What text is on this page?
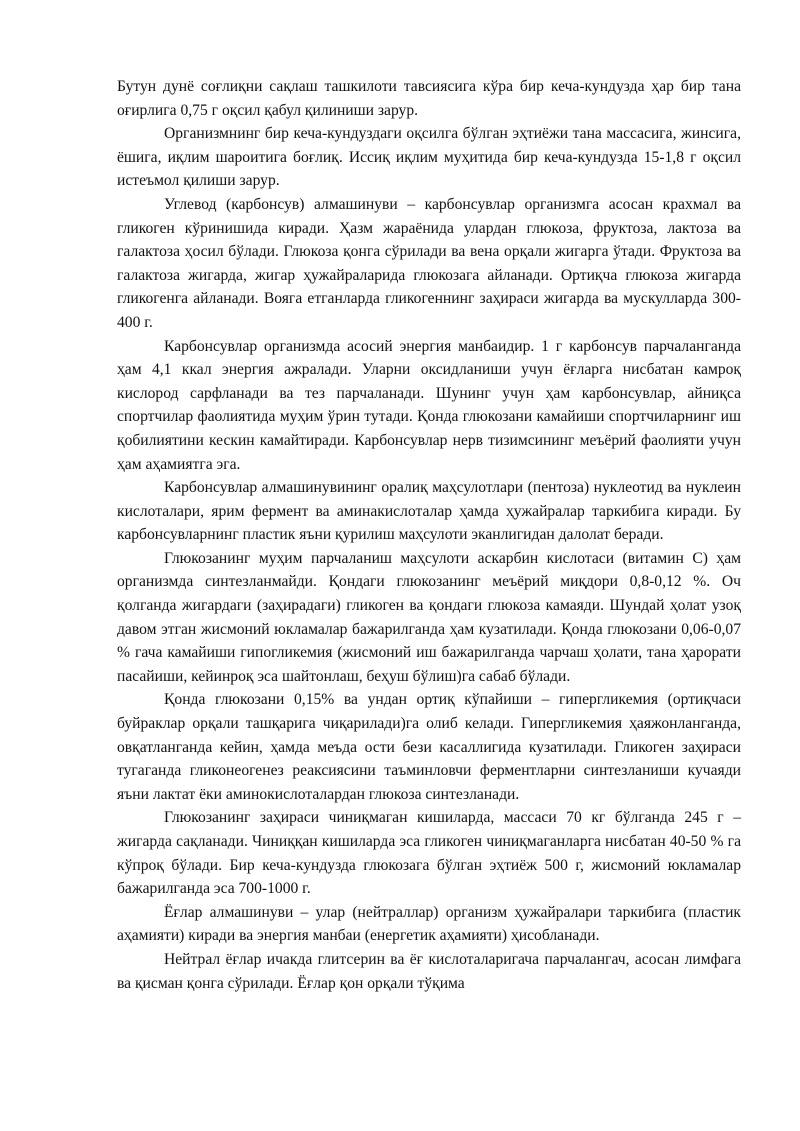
Бутун дунё соғлиқни сақлаш ташкилоти тавсиясига кўра бир кеча-кундузда ҳар бир тана оғирлига 0,75 г оқсил қабул қилиниши зарур.

Организмнинг бир кеча-кундуздаги оқсилга бўлган эҳтиёжи тана массасига, жинсига, ёшига, иқлим шароитига боғлиқ. Иссиқ иқлим муҳитида бир кеча-кундузда 15-1,8 г оқсил истеъмол қилиши зарур.

Углевод (карбонсув) алмашинуви – карбонсувлар организмга асосан крахмал ва гликоген кўринишида киради. Ҳазм жараёнида улардан глюкоза, фруктоза, лактоза ва галактоза ҳосил бўлади. Глюкоза қонга сўрилади ва вена орқали жигарга ўтади. Фруктоза ва галактоза жигарда, жигар ҳужайраларида глюкозага айланади. Ортиқча глюкоза жигарда гликогенга айланади. Вояга етганларда гликогеннинг заҳираси жигарда ва мускулларда 300-400 г.

Карбонсувлар организмда асосий энергия манбаидир. 1 г карбонсув парчаланганда ҳам 4,1 ккал энергия ажралади. Уларни оксидланиши учун ёғларга нисбатан камроқ кислород сарфланади ва тез парчаланади. Шунинг учун ҳам карбонсувлар, айниқса спортчилар фаолиятида муҳим ўрин тутади. Қонда глюкозани камайиши спортчиларнинг иш қобилиятини кескин камайтиради. Карбонсувлар нерв тизимсининг меъёрий фаолияти учун ҳам аҳамиятга эга.

Карбонсувлар алмашинувининг оралиқ маҳсулотлари (пентоза) нуклеотид ва нуклеин кислоталари, ярим фермент ва аминакислоталар ҳамда ҳужайралар таркибига киради. Бу карбонсувларнинг пластик яъни қурилиш маҳсулоти эканлигидан далолат беради.

Глюкозанинг муҳим парчаланиш маҳсулоти аскарбин кислотаси (витамин С) ҳам организмда синтезланмайди. Қондаги глюкозанинг меъёрий миқдори 0,8-0,12 %. Оч қолганда жигардаги (заҳирадаги) гликоген ва қондаги глюкоза камаяди. Шундай ҳолат узоқ давом этган жисмоний юкламалар бажарилганда ҳам кузатилади. Қонда глюкозани 0,06-0,07 % гача камайиши гипогликемия (жисмоний иш бажарилганда чарчаш ҳолати, тана ҳарорати пасайиши, кейинроқ эса шайтонлаш, беҳуш бўлиш)га сабаб бўлади.

Қонда глюкозани 0,15% ва ундан ортиқ кўпайиши – гипергликемия (ортиқчаси буйраклар орқали ташқарига чиқарилади)га олиб келади. Гипергликемия ҳаяжонланганда, овқатланганда кейин, ҳамда меъда ости бези касаллигида кузатилади. Гликоген заҳираси тугаганда гликонеогенез реаксиясини таъминловчи ферментларни синтезланиши кучаяди яъни лактат ёки аминокислоталардан глюкоза синтезланади.

Глюкозанинг заҳираси чиниқмаган кишиларда, массаси 70 кг бўлганда 245 г – жигарда сақланади. Чиниққан кишиларда эса гликоген чиниқмаганларга нисбатан 40-50 % га кўпроқ бўлади. Бир кеча-кундузда глюкозага бўлган эҳтиёж 500 г, жисмоний юкламалар бажарилганда эса 700-1000 г.

Ёғлар алмашинуви – улар (нейтраллар) организм ҳужайралари таркибига (пластик аҳамияти) киради ва энергия манбаи (енергетик аҳамияти) ҳисобланади.

Нейтрал ёғлар ичакда глитсерин ва ёғ кислоталаригача парчалангач, асосан лимфага ва қисман қонга сўрилади. Ёғлар қон орқали тўқима
